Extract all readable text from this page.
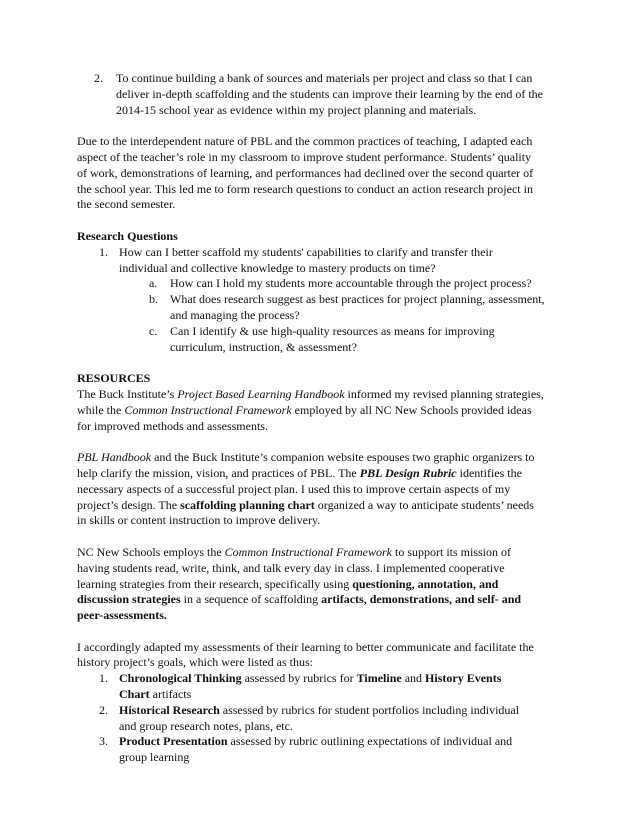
2. To continue building a bank of sources and materials per project and class so that I can

deliver in-depth scaffolding and the students can improve their learning by the end of the

2014-15 school year as evidence within my project planning and materials.

Due to the interdependent nature of PBL and the common practices of teaching, I adapted each

aspect of the teacher’s role in my classroom to improve student performance. Students’ quality

of work, demonstrations of learning, and performances had declined over the second quarter of

the school year. This led me to form research questions to conduct an action research project in

the second semester.

Research Questions

1. How can I better scaffold my students' capabilities to clarify and transfer their

individual and collective knowledge to mastery products on time?

a. How can I hold my students more accountable through the project process?

b. What does research suggest as best practices for project planning, assessment,

and managing the process?

c. Can I identify & use high-quality resources as means for improving

curriculum, instruction, & assessment?

RESOURCES

The Buck Institute’s Project Based Learning Handbook informed my revised planning strategies,

while the Common Instructional Framework employed by all NC New Schools provided ideas

for improved methods and assessments.

PBL Handbook and the Buck Institute’s companion website espouses two graphic organizers to

help clarify the mission, vision, and practices of PBL. The PBL Design Rubric identifies the

necessary aspects of a successful project plan. I used this to improve certain aspects of my

project’s design. The scaffolding planning chart organized a way to anticipate students’ needs

in skills or content instruction to improve delivery.

NC New Schools employs the Common Instructional Framework to support its mission of

having students read, write, think, and talk every day in class. I implemented cooperative

learning strategies from their research, specifically using questioning, annotation, and

discussion strategies in a sequence of scaffolding artifacts, demonstrations, and self- and

peer-assessments.

I accordingly adapted my assessments of their learning to better communicate and facilitate the

history project’s goals, which were listed as thus:

1. Chronological Thinking assessed by rubrics for Timeline and History Events

Chart artifacts

2. Historical Research assessed by rubrics for student portfolios including individual

and group research notes, plans, etc.

3. Product Presentation assessed by rubric outlining expectations of individual and

group learning
